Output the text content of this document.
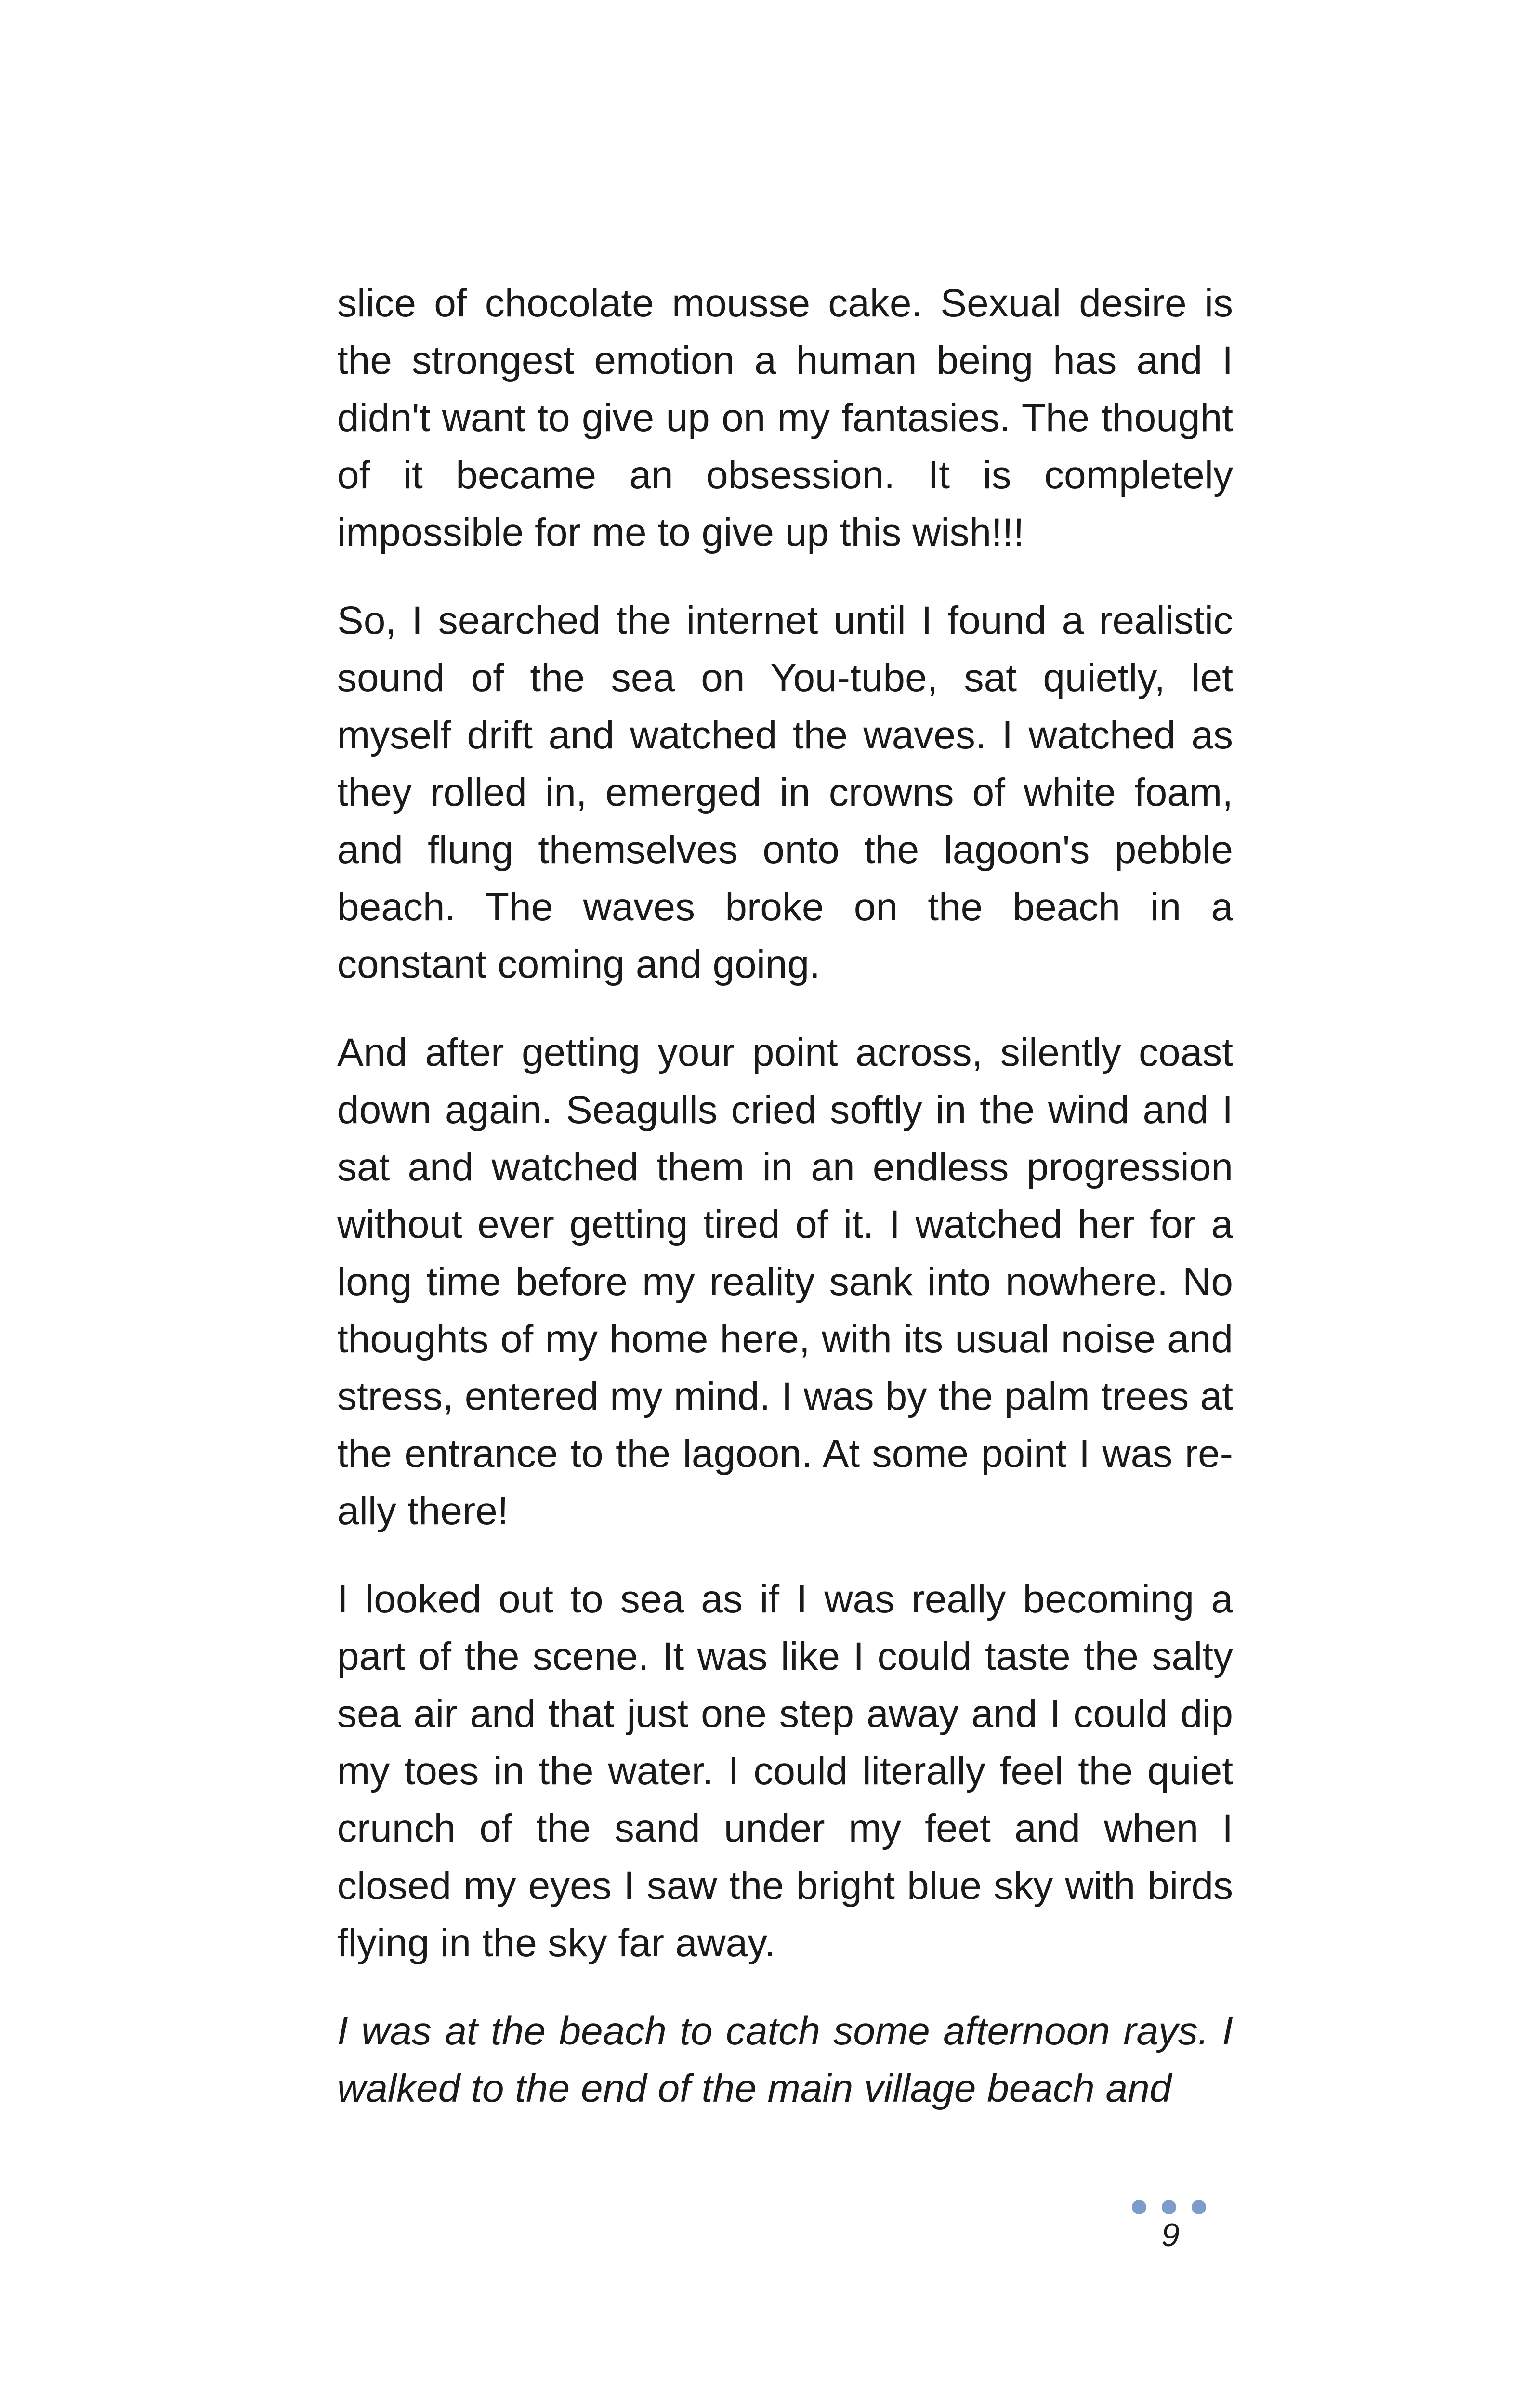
slice of chocolate mousse cake. Sexual desire is the strongest emotion a human being has and I didn't want to give up on my fantasies. The thought of it became an obsession. It is completely impossible for me to give up this wish!!!

So, I searched the internet until I found a realistic sound of the sea on You-tube, sat quietly, let myself drift and watched the waves. I watched as they rolled in, emerged in crowns of white foam, and flung themselves onto the lagoon's pebble beach. The waves broke on the beach in a constant coming and going.

And after getting your point across, silently coast down again. Seagulls cried softly in the wind and I sat and watched them in an endless progression without ever getting tired of it. I watched her for a long time before my reality sank into nowhere. No thoughts of my home here, with its usual noise and stress, entered my mind. I was by the palm trees at the entrance to the lagoon. At some point I was re-ally there!

I looked out to sea as if I was really becoming a part of the scene. It was like I could taste the salty sea air and that just one step away and I could dip my toes in the water. I could literally feel the quiet crunch of the sand under my feet and when I closed my eyes I saw the bright blue sky with birds flying in the sky far away.

I was at the beach to catch some afternoon rays. I walked to the end of the main village beach and

9
